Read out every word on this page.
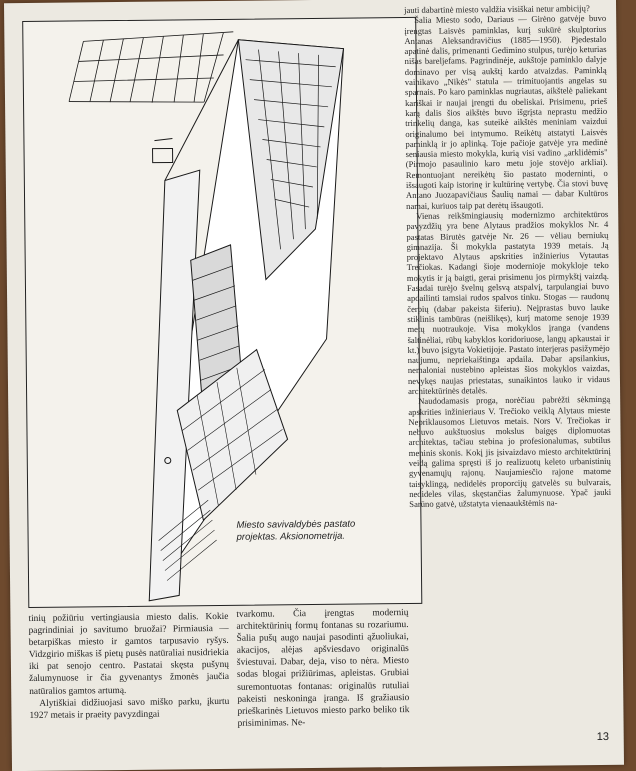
Miesto savivaldybės pastato projektas. Aksionometrija.

jauti dabartinė miesto valdžia visiškai netur ambicijų?

Šalia Miesto sodo, Dariaus — Girėno gatvėje buvo įrengtas Laisvės paminklas, kurį sukūrė skulptorius Antanas Aleksandravičius (1885—1950). Pjedestalo apatinė dalis, primenanti Gedimino stulpus, turėjo keturias nišas bareljefams. Pagrindinėje, aukštoje paminklo dalyje dominavo per visą aukštį kardo atvaizdas. Paminklą vainikavo „Nikės" statula — trimituojantis angelas su sparnais. Po karo paminklas nugriautas, aikštelė paliekant kariškai ir naujai įrengti du obeliskai. Prisimenu, prieš karą dalis šios aikštės buvo išgrįsta neprastu medžio trinkelių danga, kas suteikė aikštės meniniam vaizdui originalumo bei intymumo. Reikėtų atstatyti Laisvės paminklą ir jo aplinką. Toje pačioje gatvėje yra medinė seniausia miesto mokykla, kurią visi vadino „arklidėmis" (Pirmojo pasaulinio karo metu joje stovėjo arkliai). Remontuojant nereikėtų šio pastato moderninti, o išsaugoti kaip istorinę ir kultūrinę vertybę. Čia stovi buvę Antano Juozapavičiaus Šaulių namai — dabar Kultūros namai, kuriuos taip pat derėtų išsaugoti.

Vienas reikšmingiausių modernizmo architektūros pavyzdžių yra bene Alytaus pradžios mokyklos Nr. 4 pastatas Birutės gatvėje Nr. 26 — vėliau berniukų gimnazija. Ši mokykla pastatyta 1939 metais. Ją projektavo Alytaus apskrities inžinierius Vytautas Trečiokas. Kadangi šioje modernioje mokykloje teko mokytis ir ją baigti, gerai prisimenu jos pirmykštį vaizdą. Fasadai turėjo švelnų gelsvą atspalvį, tarpulangiai buvo apdailinti tamsiai rudos spalvos tinku. Stogas — raudonų čerpių (dabar pakeista šiferiu). Neįprastas buvo lauke stiklinis tambūras (neišlikęs), kurį matome senoje 1939 metų nuotraukoje. Visa mokyklos įranga (vandens šaltinėliai, rūbų kabyklos koridoriuose, langų apkaustai ir kt.) buvo įsigyta Vokietijoje. Pastato interjeras pasižymėjo naujumu, nepriekaištinga apdaila. Dabar apsilankius, nemaloniai nustebino apleistas šios mokyklos vaizdas, nevykęs naujas priestatas, sunaikintos lauko ir vidaus architektūrinės detalės.

Naudodamasis proga, norėčiau pabrėžti sėkmingą apskrities inžinieriaus V. Trečioko veiklą Alytaus mieste Nepriklausomos Lietuvos metais. Nors V. Trečiokas ir nebuvo aukštuosius mokslus baigęs diplomuotas architektas, tačiau stebina jo profesionalumas, subtilus meninis skonis. Kokį jis įsivaizdavo miesto architektūrinį veidą galima spręsti iš jo realizuotų keleto urbanistinių gyvenamųjų rajonų. Naujamiesčio rajone matome taisyklingą, nedidelės proporcijų gatvelės su bulvarais, nedideles vilas, skęstančias žalumynuose. Ypač jauki Sarūno gatvė, užstatyta vienaaukštėmis na-

tinių požiūriu vertingiausia miesto dalis. Kokie pagrindiniai jo savitumo bruožai? Pirmiausia — betarpiškas miesto ir gamtos tarpusavio ryšys. Vidzgirio miškas iš pietų pusės natūraliai nusidriekia iki pat senojo centro. Pastatai skęsta pušynų žalumynuose ir čia gyvenantys žmonės jaučia natūralios gamtos artumą.

Alytiškiai didžiuojasi savo miško parku, įkurtu 1927 metais ir praeity pavyzdingai

tvarkomu. Čia įrengtas modernių architektūrinių formų fontanas su rozariumu. Šalia pušų augo naujai pasodinti ąžuoliukai, akacijos, alėjas apšviesdavo originalūs šviestuvai. Dabar, deja, viso to nėra. Miesto sodas blogai prižiūrimas, apleistas. Grubiai suremontuotas fontanas: originalūs rutuliai pakeisti neskoninga įranga. Iš gražiausio prieškarinės Lietuvos miesto parko beliko tik prisiminimas. Ne-

13
